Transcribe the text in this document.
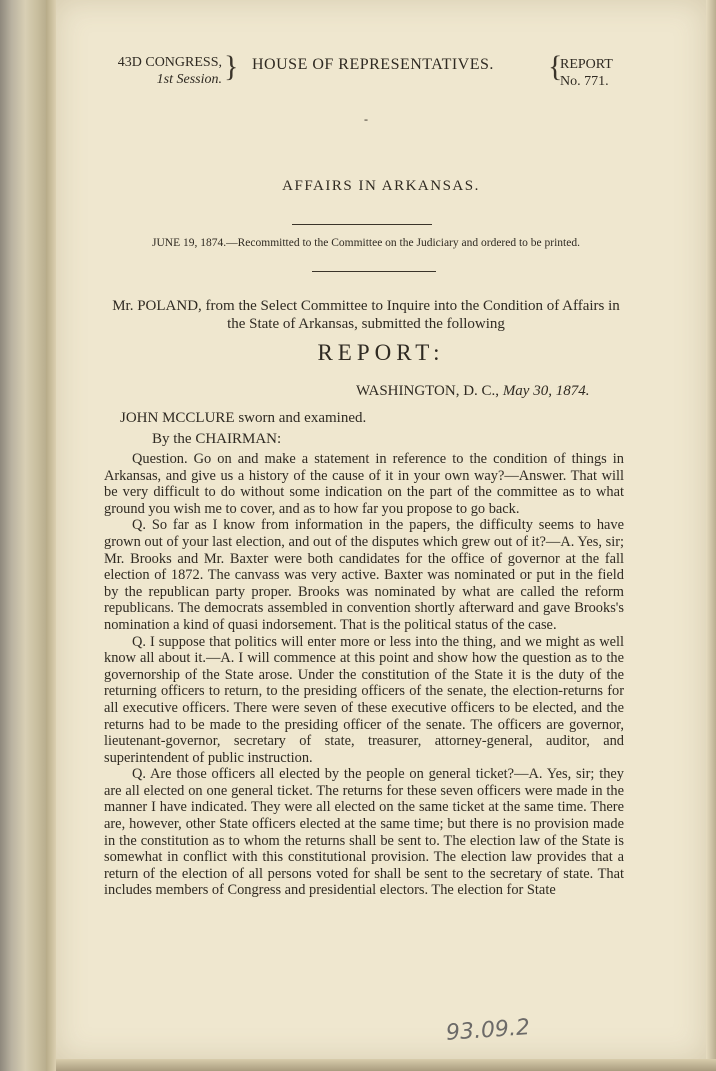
43D CONGRESS,
1st Session. } HOUSE OF REPRESENTATIVES. {
REPORT
No. 771.
-
AFFAIRS IN ARKANSAS.
JUNE 19, 1874.—Recommitted to the Committee on the Judiciary and ordered to be printed.
Mr. POLAND, from the Select Committee to Inquire into the Condition of Affairs in the State of Arkansas, submitted the following
REPORT:
WASHINGTON, D. C., May 30, 1874.
JOHN MCCLURE sworn and examined.
By the CHAIRMAN:

Question. Go on and make a statement in reference to the condition of things in Arkansas, and give us a history of the cause of it in your own way?—Answer. That will be very difficult to do without some indication on the part of the committee as to what ground you wish me to cover, and as to how far you propose to go back.

Q. So far as I know from information in the papers, the difficulty seems to have grown out of your last election, and out of the disputes which grew out of it?—A. Yes, sir; Mr. Brooks and Mr. Baxter were both candidates for the office of governor at the fall election of 1872. The canvass was very active. Baxter was nominated or put in the field by the republican party proper. Brooks was nominated by what are called the reform republicans. The democrats assembled in convention shortly afterward and gave Brooks's nomination a kind of quasi indorsement. That is the political status of the case.

Q. I suppose that politics will enter more or less into the thing, and we might as well know all about it.—A. I will commence at this point and show how the question as to the governorship of the State arose. Under the constitution of the State it is the duty of the returning officers to return, to the presiding officers of the senate, the election-returns for all executive officers. There were seven of these executive officers to be elected, and the returns had to be made to the presiding officer of the senate. The officers are governor, lieutenant-governor, secretary of state, treasurer, attorney-general, auditor, and superintendent of public instruction.

Q. Are those officers all elected by the people on general ticket?—A. Yes, sir; they are all elected on one general ticket. The returns for these seven officers were made in the manner I have indicated. They were all elected on the same ticket at the same time. There are, however, other State officers elected at the same time; but there is no provision made in the constitution as to whom the returns shall be sent to. The election law of the State is somewhat in conflict with this constitutional provision. The election law provides that a return of the election of all persons voted for shall be sent to the secretary of state. That includes members of Congress and presidential electors. The election for State

93.09.2
